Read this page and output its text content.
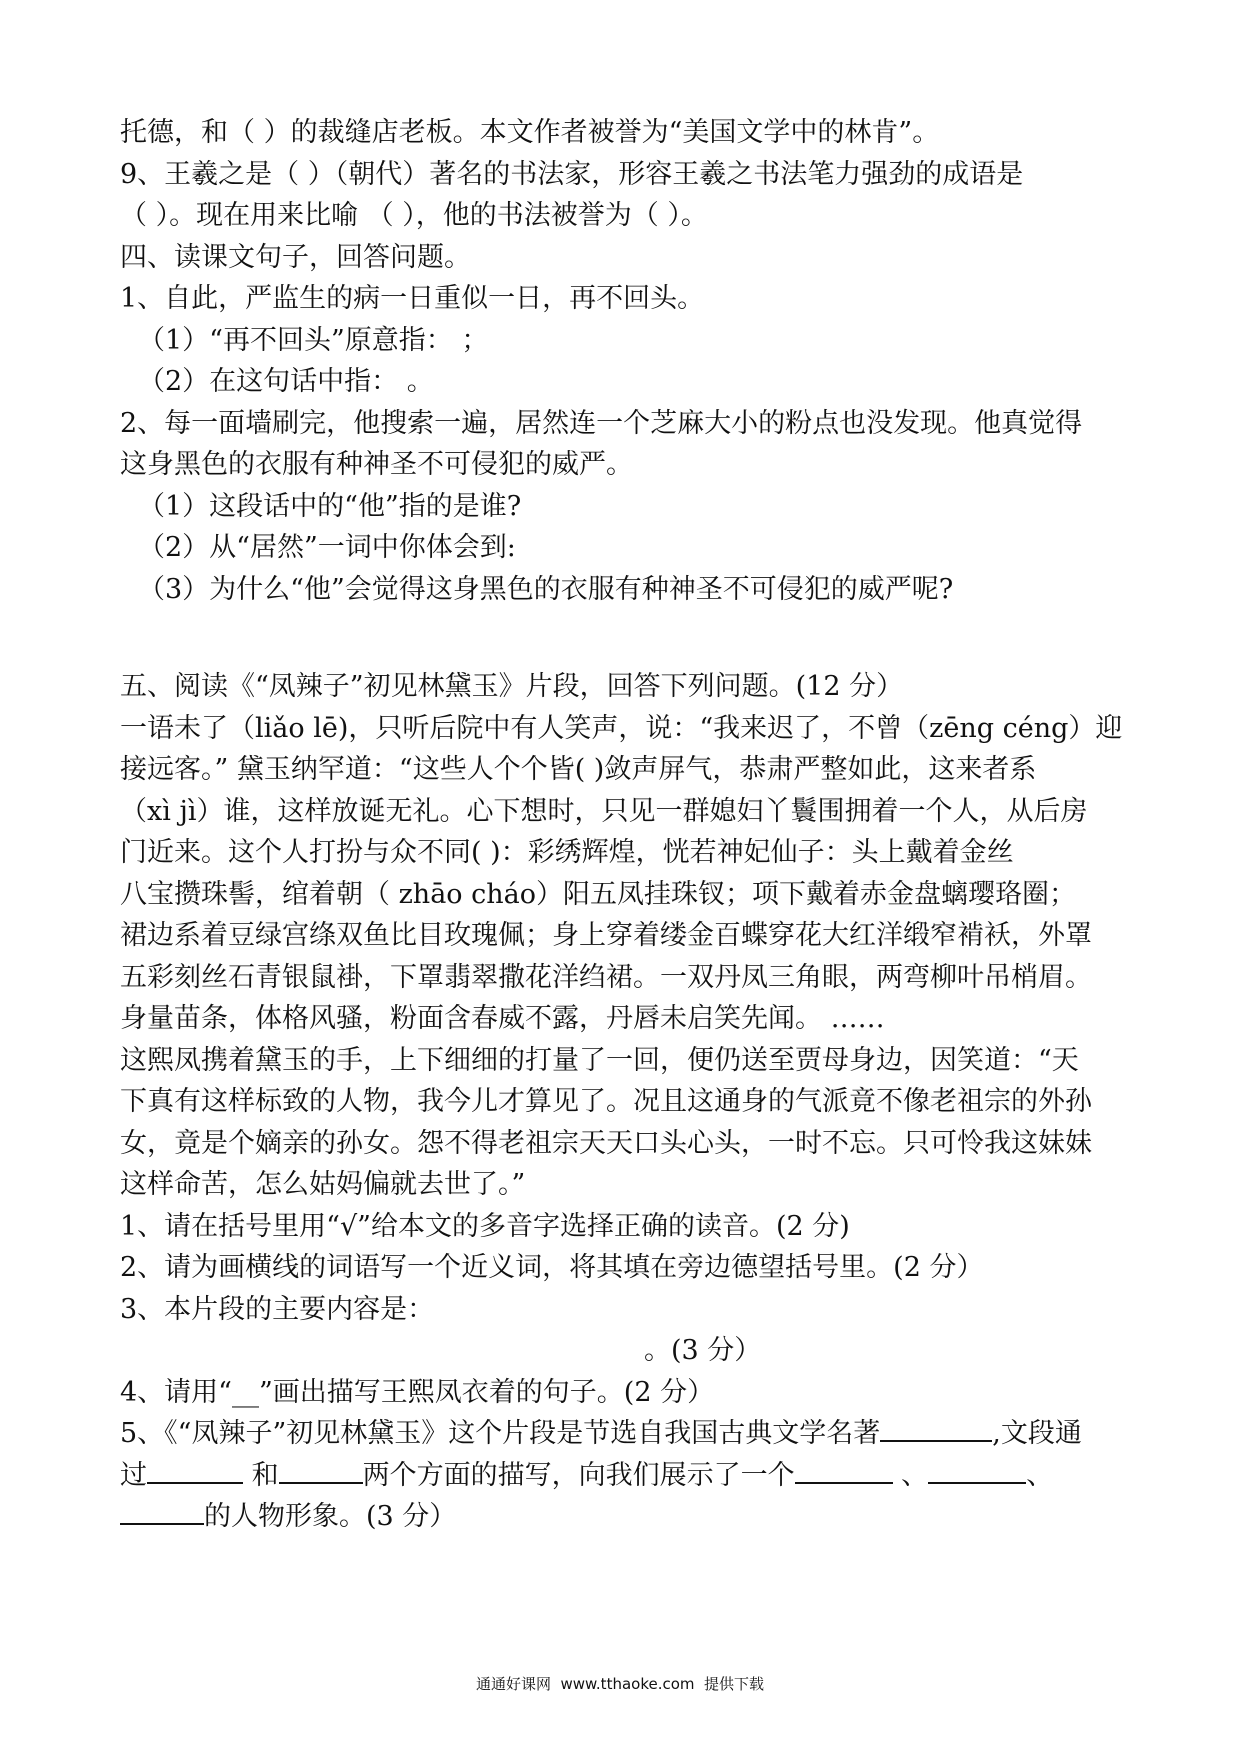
托德，和（ ）的裁缝店老板。本文作者被誉为“美国文学中的林肯”。
9、王羲之是（ ）（朝代）著名的书法家，形容王羲之书法笔力强劲的成语是
（ ）。现在用来比喻 （ ），他的书法被誉为（ ）。
四、读课文句子，回答问题。
1、自此，严监生的病一日重似一日，再不回头。
（1）“再不回头”原意指： ；
（2）在这句话中指： 。
2、每一面墙刷完，他搜索一遍，居然连一个芝麻大小的粉点也没发现。他真觉得
这身黑色的衣服有种神圣不可侵犯的威严。
（1）这段话中的“他”指的是谁?
（2）从“居然”一词中你体会到:
（3）为什么“他”会觉得这身黑色的衣服有种神圣不可侵犯的威严呢?
五、阅读《“凤辣子”初见林黛玉》片段，回答下列问题。(12 分）
一语未了（liǎo lē)，只听后院中有人笑声，说：“我来迟了，不曾（zēng céng）迎
接远客。” 黛玉纳罕道：“这些人个个皆( )敛声屏气，恭肃严整如此，这来者系
（xì jì）谁，这样放诞无礼。心下想时，只见一群媳妇丫鬟围拥着一个人，从后房
门近来。这个人打扮与众不同( )：彩绣辉煌，恍若神妃仙子：头上戴着金丝
八宝攒珠髻，绾着朝（ zhāo cháo）阳五凤挂珠钗；项下戴着赤金盘螭璎珞圈；
裙边系着豆绿宫绦双鱼比目玫瑰佩；身上穿着缕金百蝶穿花大红洋缎窄褃袄，外罩
五彩刻丝石青银鼠褂，下罩翡翠撒花洋绉裙。一双丹凤三角眼，两弯柳叶吊梢眉。
身量苗条，体格风骚，粉面含春威不露，丹唇未启笑先闻。 ……
这熙凤携着黛玉的手，上下细细的打量了一回，便仍送至贾母身边，因笑道：“天
下真有这样标致的人物，我今儿才算见了。况且这通身的气派竟不像老祖宗的外孙
女，竟是个嫡亲的孙女。怨不得老祖宗天天口头心头，一时不忘。只可怜我这妹妹
这样命苦，怎么姑妈偏就去世了。”
1、请在括号里用“√”给本文的多音字选择正确的读音。(2 分)
2、请为画横线的词语写一个近义词，将其填在旁边德望括号里。(2 分）
3、本片段的主要内容是：
。(3 分）
4、请用“__”画出描写王熙凤衣着的句子。(2 分）
5、《“凤辣子”初见林黛玉》这个片段是节选自我国古典文学名著	,文段通
过	和	两个方面的描写，向我们展示了一个	、	、
的人物形象。(3 分）
通通好课网  www.tthaoke.com  提供下载
